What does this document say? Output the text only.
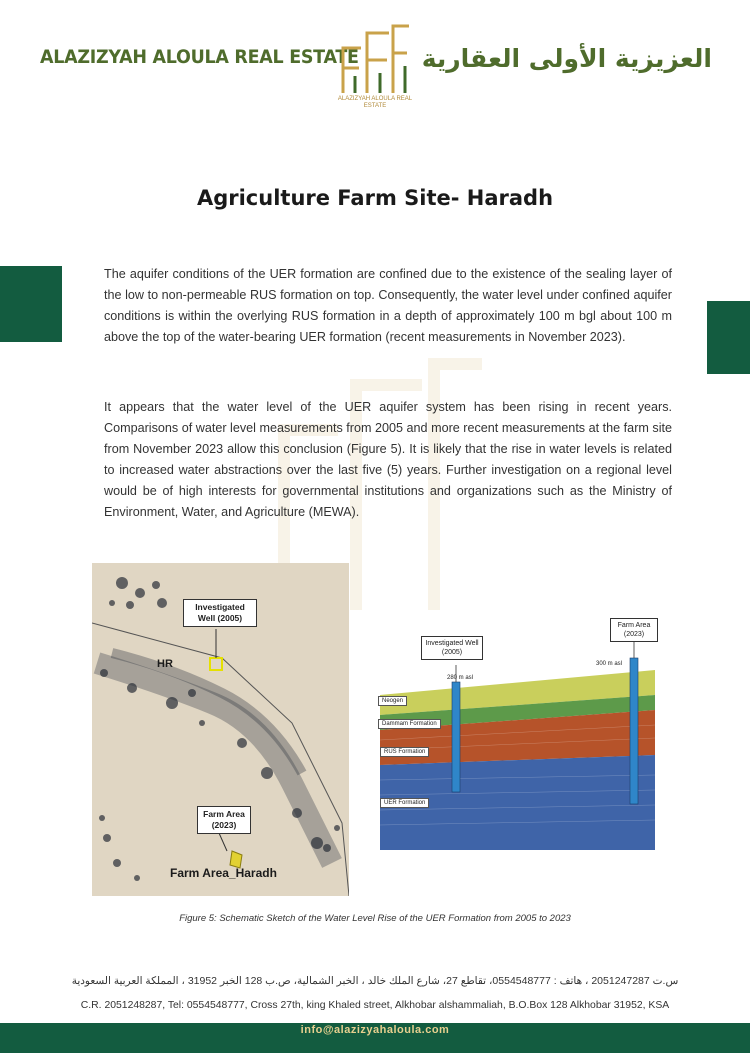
ALAZIZYAH ALOULA REAL ESTATE
ALAZIZYAH ALOULA REAL ESTATE
العزيزية الأولى العقارية
Agriculture Farm Site- Haradh
The aquifer conditions of the UER formation are confined due to the existence of the sealing layer of the low to non-permeable RUS formation on top. Consequently, the water level under confined aquifer conditions is within the overlying RUS formation in a depth of approximately 100 m bgl about 100 m above the top of the water-bearing UER formation (recent measurements in November 2023).
It appears that the water level of the UER aquifer system has been rising in recent years. Comparisons of water level measurements from 2005 and more recent measurements at the farm site from November 2023 allow this conclusion (Figure 5). It is likely that the rise in water levels is related to increased water abstractions over the last five (5) years. Further investigation on a regional level would be of high interests for governmental institutions and organizations such as the Ministry of Environment, Water, and Agriculture (MEWA).
Investigated Well (2005)
Farm Area (2023)
HR
Farm Area_Haradh
Investigated Well (2005)
Farm Area (2023)
280 m asl
300 m asl
Neogen
Dammam Formation
RUS Formation
UER Formation
Figure 5: Schematic Sketch of the Water Level Rise of the UER Formation from 2005 to 2023
س.ت 2051247287 ، هاتف : 0554548777، تقاطع 27، شارع الملك خالد ، الخبر الشمالية، ص.ب 128 الخبر 31952 ، المملكة العربية السعودية
C.R. 2051248287, Tel: 0554548777, Cross 27th, king Khaled street, Alkhobar alshammaliah, B.O.Box 128 Alkhobar 31952, KSA
info@alazizyahaloula.com
